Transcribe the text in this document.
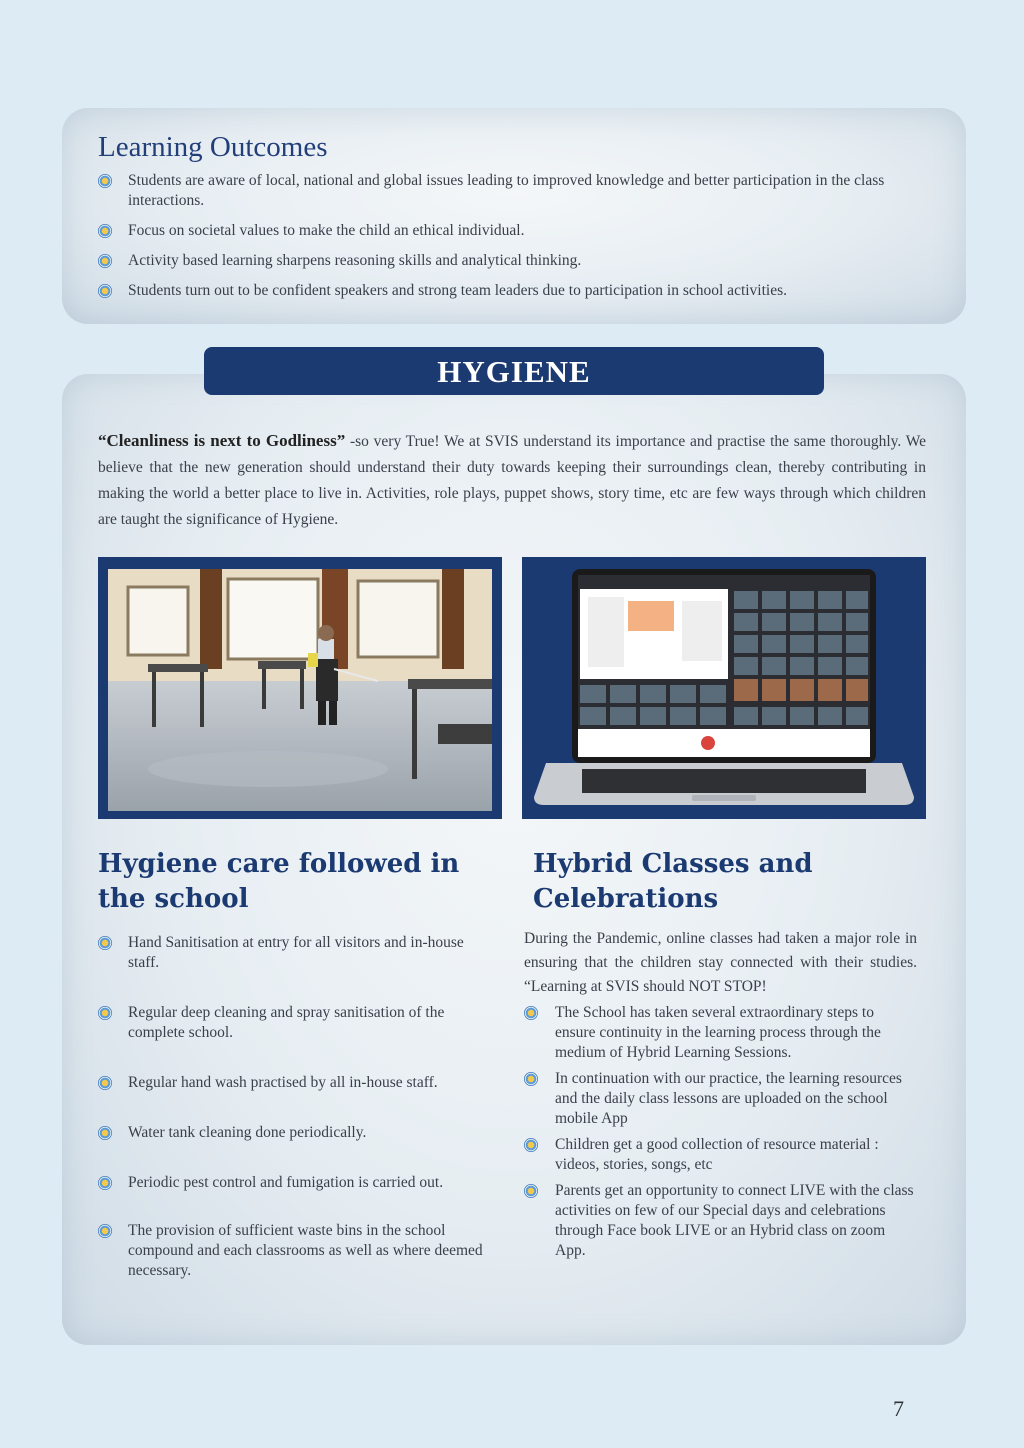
Learning Outcomes
Students are aware of local, national and global issues leading to improved knowledge and better participation in the class interactions.
Focus on societal values to make the child an ethical individual.
Activity based learning sharpens reasoning skills and analytical thinking.
Students turn out to be confident speakers and strong team leaders due to participation in school activities.
HYGIENE

“Cleanliness is next to Godliness” -so very True! We at SVIS understand its importance and practise the same thoroughly. We believe that the new generation should understand their duty towards keeping their surroundings clean, thereby contributing in making the world a better place to live in. Activities, role plays, puppet shows, story time, etc are few ways through which children are taught the significance of Hygiene.

Hygiene care followed in the school
Hand Sanitisation at entry for all visitors and in-house staff.
Regular deep cleaning and spray sanitisation of the complete school.
Regular hand wash practised by all in-house staff.
Water tank cleaning done periodically.
Periodic pest control and fumigation is carried out.
The provision of sufficient waste bins in the school compound and each classrooms as well as where deemed necessary.
Hybrid Classes and Celebrations

During the Pandemic, online classes had taken a major role in ensuring that the children stay connected with their studies. “Learning at SVIS should NOT STOP!

The School has taken several extraordinary steps to ensure continuity in the learning process through the medium of Hybrid Learning Sessions.
In continuation with our practice, the learning resources and the daily class lessons are uploaded on the school mobile App
Children get a good collection of resource material : videos, stories, songs, etc
Parents get an opportunity to connect LIVE with the class activities on few of our Special days and celebrations through Face book LIVE or an Hybrid class on zoom App.
7
